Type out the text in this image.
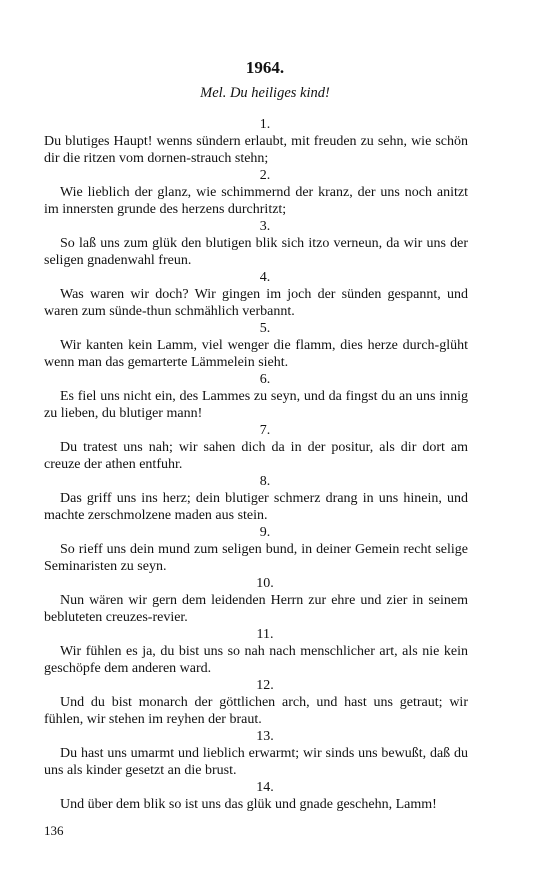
1964.
Mel. Du heiliges kind!
1.
Du blutiges Haupt! wenns sündern erlaubt, mit freuden zu sehn, wie schön dir die ritzen vom dornen-strauch stehn;
2.
Wie lieblich der glanz, wie schimmernd der kranz, der uns noch anitzt im innersten grunde des herzens durchritzt;
3.
So laß uns zum glük den blutigen blik sich itzo verneun, da wir uns der seligen gnadenwahl freun.
4.
Was waren wir doch? Wir gingen im joch der sünden gespannt, und waren zum sünde-thun schmählich verbannt.
5.
Wir kanten kein Lamm, viel wenger die flamm, dies herze durch-glüht wenn man das gemarterte Lämmelein sieht.
6.
Es fiel uns nicht ein, des Lammes zu seyn, und da fingst du an uns innig zu lieben, du blutiger mann!
7.
Du tratest uns nah; wir sahen dich da in der positur, als dir dort am creuze der athen entfuhr.
8.
Das griff uns ins herz; dein blutiger schmerz drang in uns hinein, und machte zerschmolzene maden aus stein.
9.
So rieff uns dein mund zum seligen bund, in deiner Gemein recht selige Seminaristen zu seyn.
10.
Nun wären wir gern dem leidenden Herrn zur ehre und zier in seinem bebluteten creuzes-revier.
11.
Wir fühlen es ja, du bist uns so nah nach menschlicher art, als nie kein geschöpfe dem anderen ward.
12.
Und du bist monarch der göttlichen arch, und hast uns getraut; wir fühlen, wir stehen im reyhen der braut.
13.
Du hast uns umarmt und lieblich erwarmt; wir sinds uns bewußt, daß du uns als kinder gesetzt an die brust.
14.
Und über dem blik so ist uns das glük und gnade geschehn, Lamm!
136
